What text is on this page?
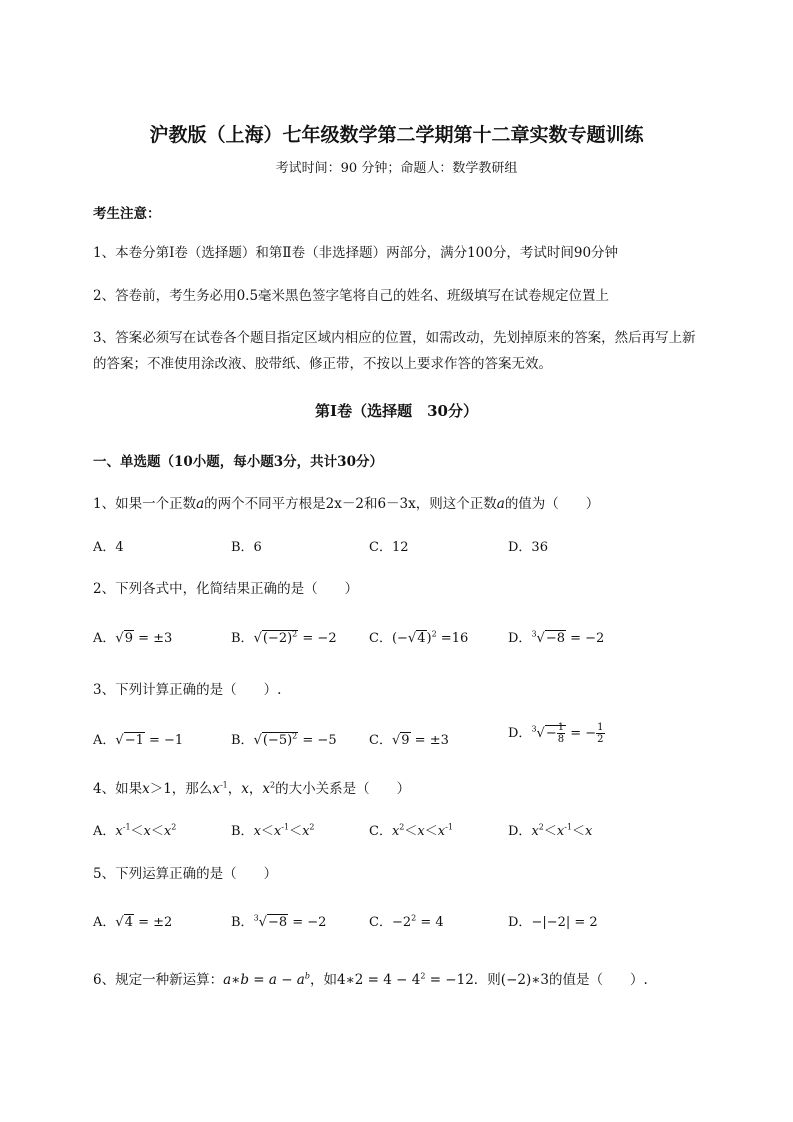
沪教版（上海）七年级数学第二学期第十二章实数专题训练
考试时间：90 分钟；命题人：数学教研组
考生注意：
1、本卷分第Ⅰ卷（选择题）和第Ⅱ卷（非选择题）两部分，满分100分，考试时间90分钟
2、答卷前，考生务必用0.5毫米黑色签字笔将自己的姓名、班级填写在试卷规定位置上
3、答案必须写在试卷各个题目指定区域内相应的位置，如需改动，先划掉原来的答案，然后再写上新
的答案；不准使用涂改液、胶带纸、修正带，不按以上要求作答的答案无效。
第Ⅰ卷（选择题　30分）
一、单选题（10小题，每小题3分，共计30分）
1、如果一个正数a的两个不同平方根是2x－2和6－3x，则这个正数a的值为（　　）
A．4	B．6	C．12	D．36
2、下列各式中，化简结果正确的是（　　）
A．√9 = ±3	B．$√(-2)^2 = -2$ C．$(-√4)^2 =16$	D．$^3$√−8 = −2
3、下列计算正确的是（　　）.
A．√−1 = −1	B．$√(-5)^2 = -5$ C．√9 = ±3	D．$^3√- \frac{1}{8}$ = − $\frac{1}{2}$
4、如果x＞1，那么$x^{-1}$，x，$x^2$的大小关系是（　　）
A．$x^{-1}<x<x^2$	B．$x<x^{-1}<x^2$	C．$x^2<x<x^{-1}$	D．$x^2<x^{-1}<x$
5、下列运算正确的是（　　）
A．√4 = ±2	B．$^3$√−8 = −2	C．$-2^2 = 4$	D．−|−2| = 2
6、规定一种新运算：a∗b = $a - a^b$，如4∗2 = $4 - 4^2 = -12$．则(−2)∗3的值是（　　）.
